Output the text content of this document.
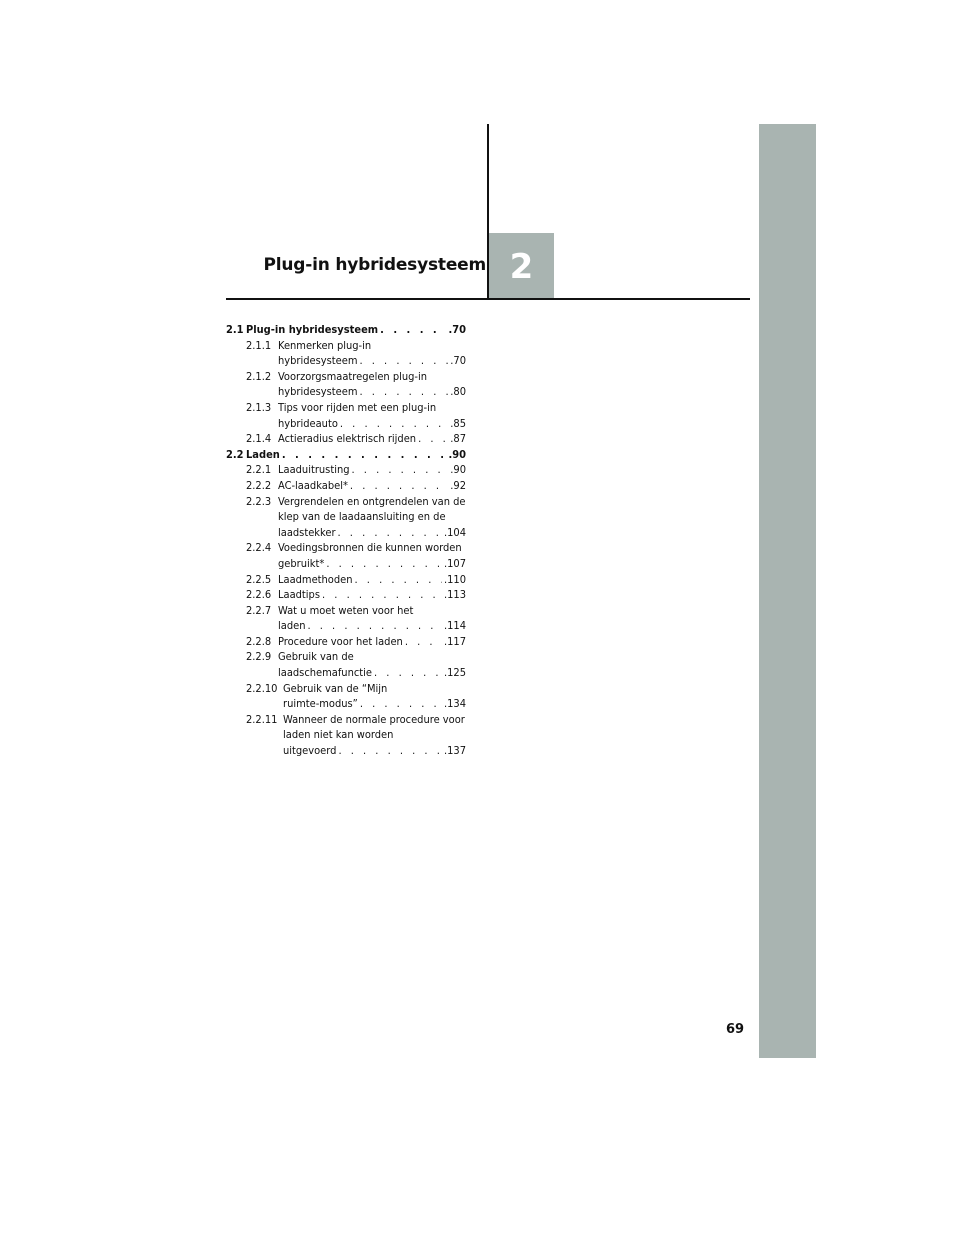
2
Plug-in hybridesysteem
2.1 Plug-in hybridesysteem . . .	.70
2.1.1 Kenmerken plug-in
hybridesysteem . . .	.70
2.1.2 Voorzorgsmaatregelen plug-in
hybridesysteem . . .	.80
2.1.3 Tips voor rijden met een plug-in
hybrideauto . . .	.85
2.1.4 Actieradius elektrisch rijden . . .	.87
2.2 Laden . . .	.90
2.2.1 Laaduitrusting . . .	.90
2.2.2 AC-laadkabel* . . .	.92
2.2.3 Vergrendelen en ontgrendelen van de
klep van de laadaansluiting en de
laadstekker . . .	.104
2.2.4 Voedingsbronnen die kunnen worden
gebruikt* . . .	.107
2.2.5 Laadmethoden . . .	.110
2.2.6 Laadtips . . .	.113
2.2.7 Wat u moet weten voor het
laden . . .	.114
2.2.8 Procedure voor het laden . . .	.117
2.2.9 Gebruik van de
laadschemafunctie . . .	.125
2.2.10 Gebruik van de “Mijn
ruimte-modus” . . .	.134
2.2.11 Wanneer de normale procedure voor
laden niet kan worden
uitgevoerd . . .	.137
69
